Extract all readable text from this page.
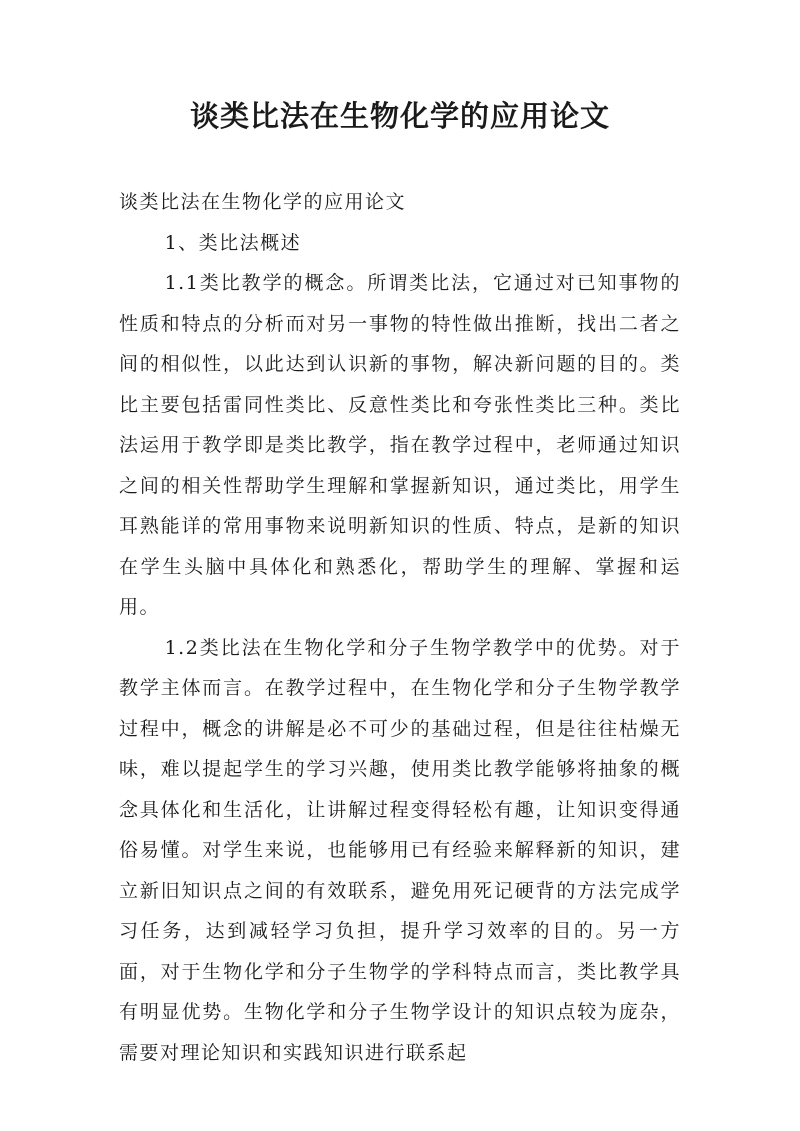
谈类比法在生物化学的应用论文

谈类比法在生物化学的应用论文

1、类比法概述

1.1类比教学的概念。所谓类比法，它通过对已知事物的性质和特点的分析而对另一事物的特性做出推断，找出二者之间的相似性，以此达到认识新的事物，解决新问题的目的。类比主要包括雷同性类比、反意性类比和夸张性类比三种。类比法运用于教学即是类比教学，指在教学过程中，老师通过知识之间的相关性帮助学生理解和掌握新知识，通过类比，用学生耳熟能详的常用事物来说明新知识的性质、特点，是新的知识在学生头脑中具体化和熟悉化，帮助学生的理解、掌握和运用。

1.2类比法在生物化学和分子生物学教学中的优势。对于教学主体而言。在教学过程中，在生物化学和分子生物学教学过程中，概念的讲解是必不可少的基础过程，但是往往枯燥无味，难以提起学生的学习兴趣，使用类比教学能够将抽象的概念具体化和生活化，让讲解过程变得轻松有趣，让知识变得通俗易懂。对学生来说，也能够用已有经验来解释新的知识，建立新旧知识点之间的有效联系，避免用死记硬背的方法完成学习任务，达到减轻学习负担，提升学习效率的目的。另一方面，对于生物化学和分子生物学的学科特点而言，类比教学具有明显优势。生物化学和分子生物学设计的知识点较为庞杂，需要对理论知识和实践知识进行联系起
